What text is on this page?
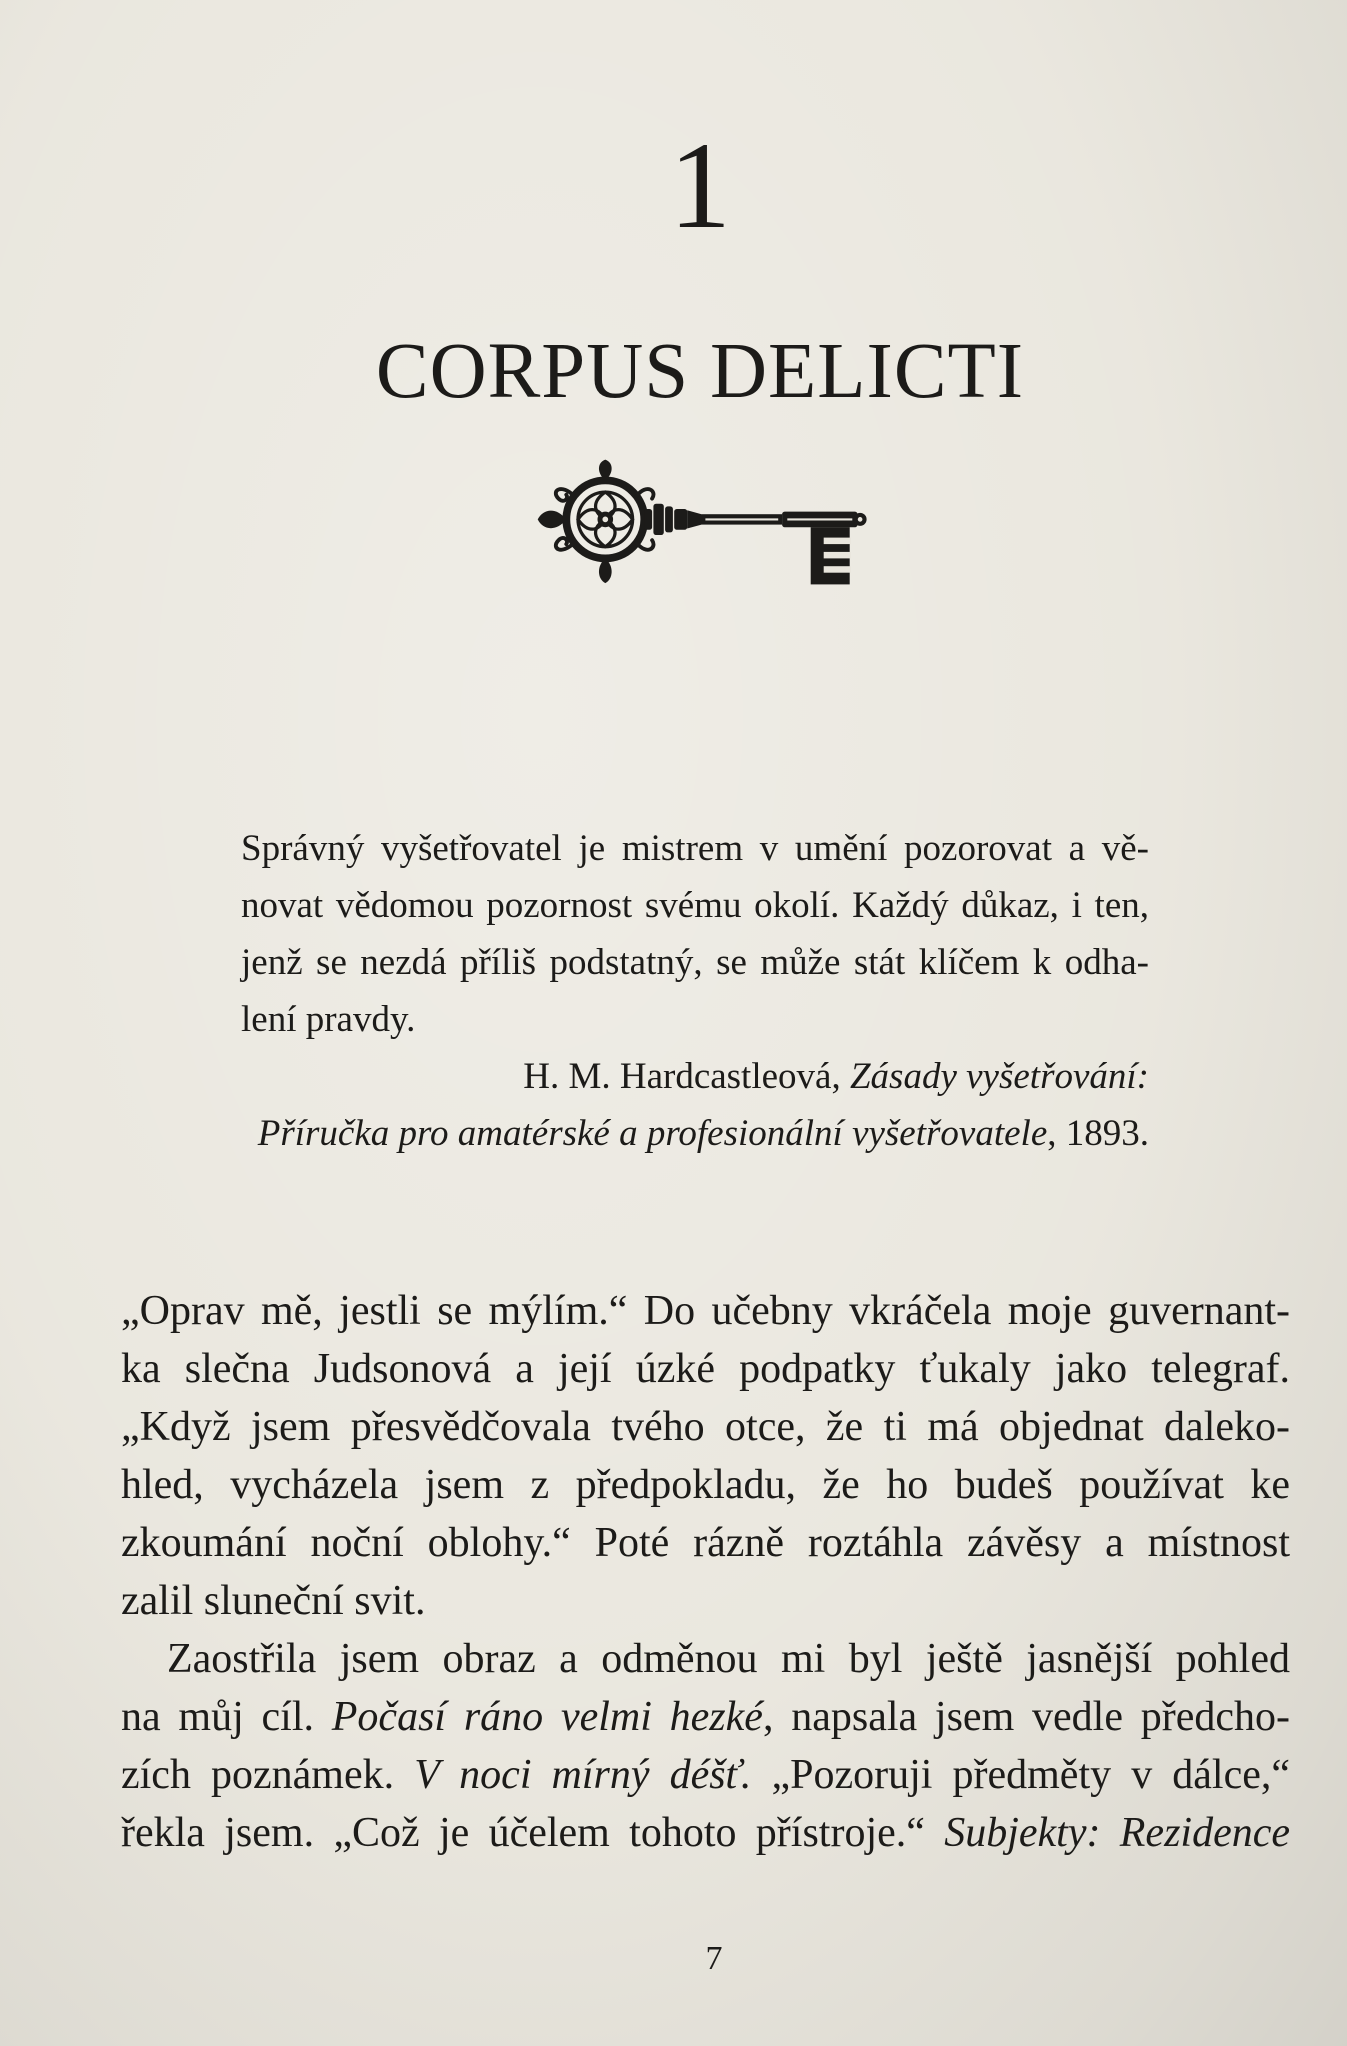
1
CORPUS DELICTI
Správný vyšetřovatel je mistrem v umění pozorovat a vě-
novat vědomou pozornost svému okolí. Každý důkaz, i ten,
jenž se nezdá příliš podstatný, se může stát klíčem k odha-
lení pravdy.
H. M. Hardcastleová, Zásady vyšetřování:
Příručka pro amatérské a profesionální vyšetřovatele, 1893.
„Oprav mě, jestli se mýlím.“ Do učebny vkráčela moje guvernant-
ka slečna Judsonová a její úzké podpatky ťukaly jako telegraf.
„Když jsem přesvědčovala tvého otce, že ti má objednat daleko-
hled, vycházela jsem z předpokladu, že ho budeš používat ke
zkoumání noční oblohy.“ Poté rázně roztáhla závěsy a místnost
zalil sluneční svit.
Zaostřila jsem obraz a odměnou mi byl ještě jasnější pohled
na můj cíl. Počasí ráno velmi hezké, napsala jsem vedle předcho-
zích poznámek. V noci mírný déšť. „Pozoruji předměty v dálce,“
řekla jsem. „Což je účelem tohoto přístroje.“ Subjekty: Rezidence
7
